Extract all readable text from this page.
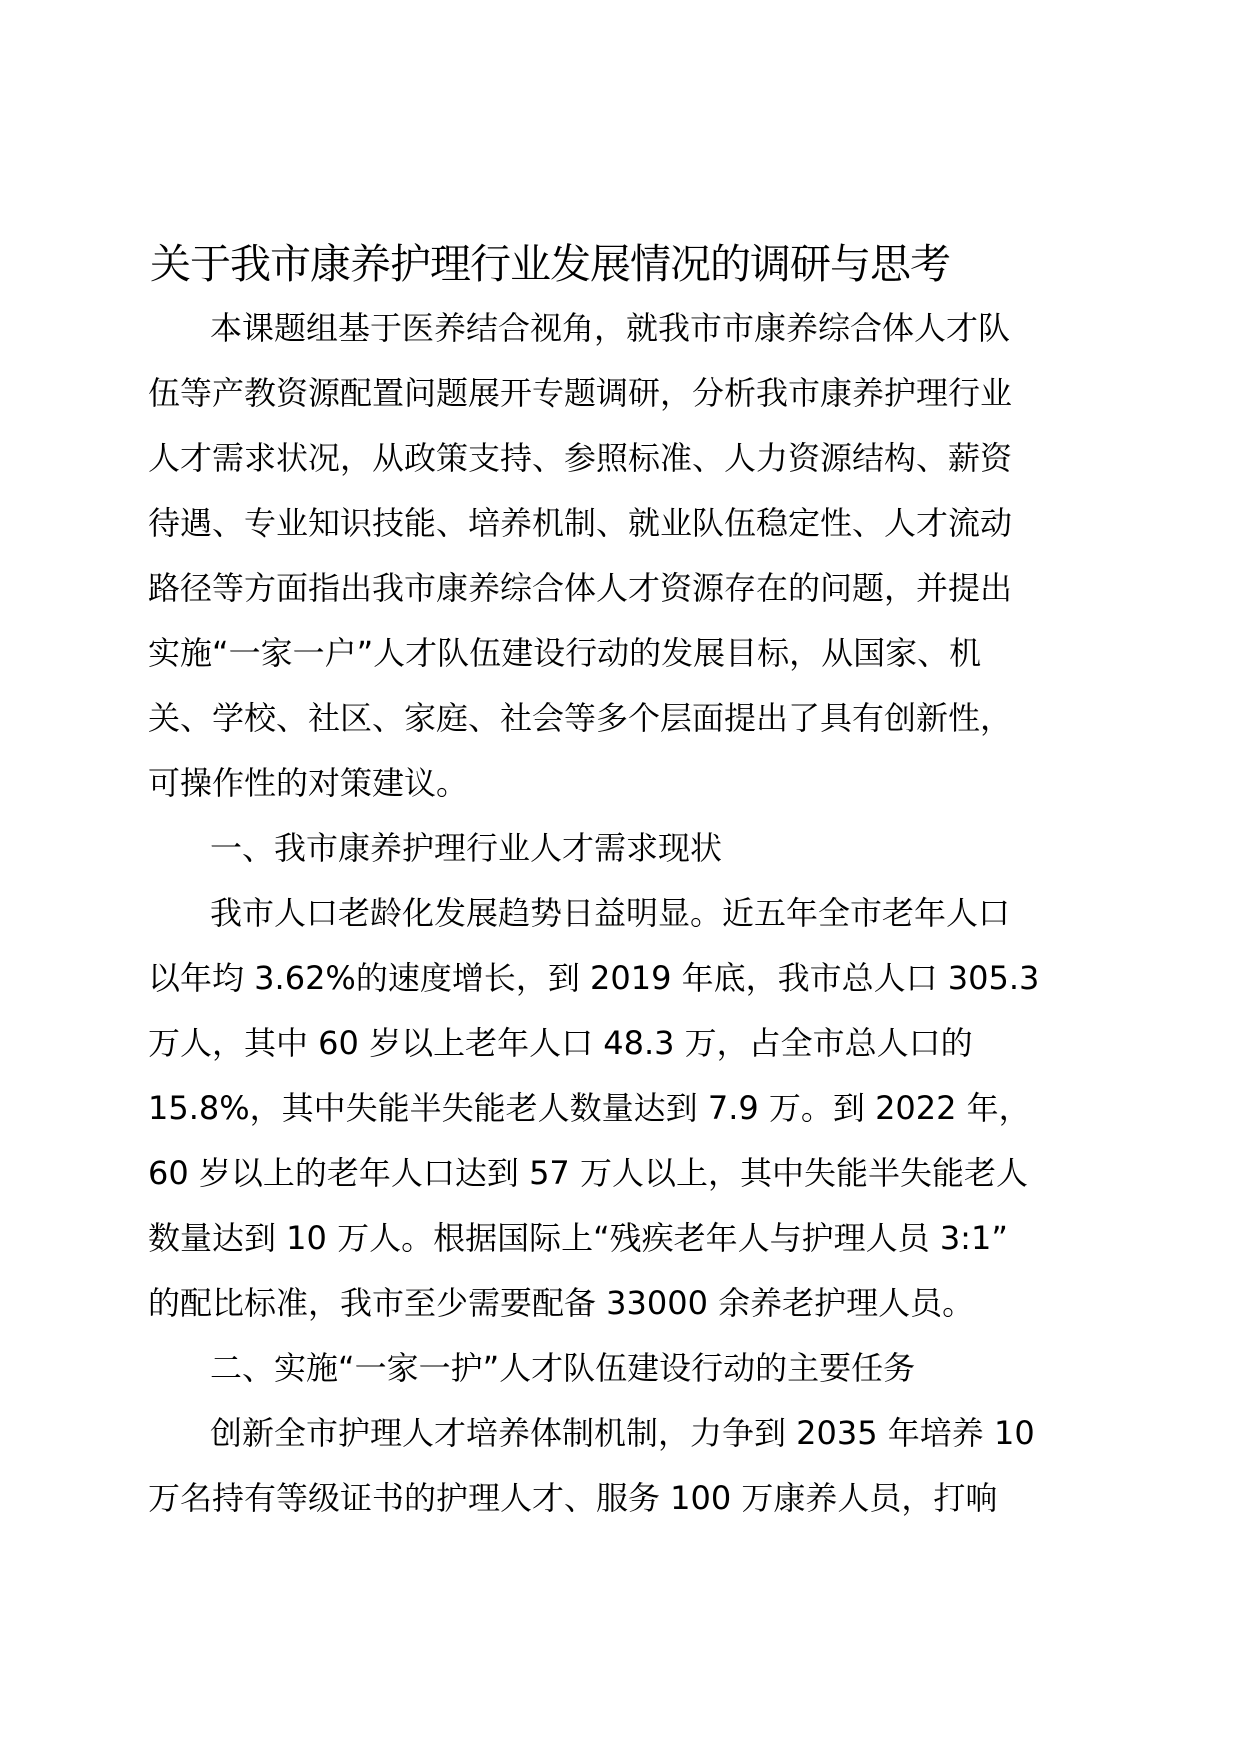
关于我市康养护理行业发展情况的调研与思考
本课题组基于医养结合视角，就我市市康养综合体人才队
伍等产教资源配置问题展开专题调研，分析我市康养护理行业
人才需求状况，从政策支持、参照标准、人力资源结构、薪资
待遇、专业知识技能、培养机制、就业队伍稳定性、人才流动
路径等方面指出我市康养综合体人才资源存在的问题，并提出
实施“一家一户”人才队伍建设行动的发展目标，从国家、机
关、学校、社区、家庭、社会等多个层面提出了具有创新性，
可操作性的对策建议。
一、我市康养护理行业人才需求现状
我市人口老龄化发展趋势日益明显。近五年全市老年人口
以年均 3.62%的速度增长，到 2019 年底，我市总人口 305.3
万人，其中 60 岁以上老年人口 48.3 万，占全市总人口的
15.8%，其中失能半失能老人数量达到 7.9 万。到 2022 年，
60 岁以上的老年人口达到 57 万人以上，其中失能半失能老人
数量达到 10 万人。根据国际上“残疾老年人与护理人员 3:1”
的配比标准，我市至少需要配备 33000 余养老护理人员。
二、实施“一家一护”人才队伍建设行动的主要任务
创新全市护理人才培养体制机制，力争到 2035 年培养 10
万名持有等级证书的护理人才、服务 100 万康养人员，打响
